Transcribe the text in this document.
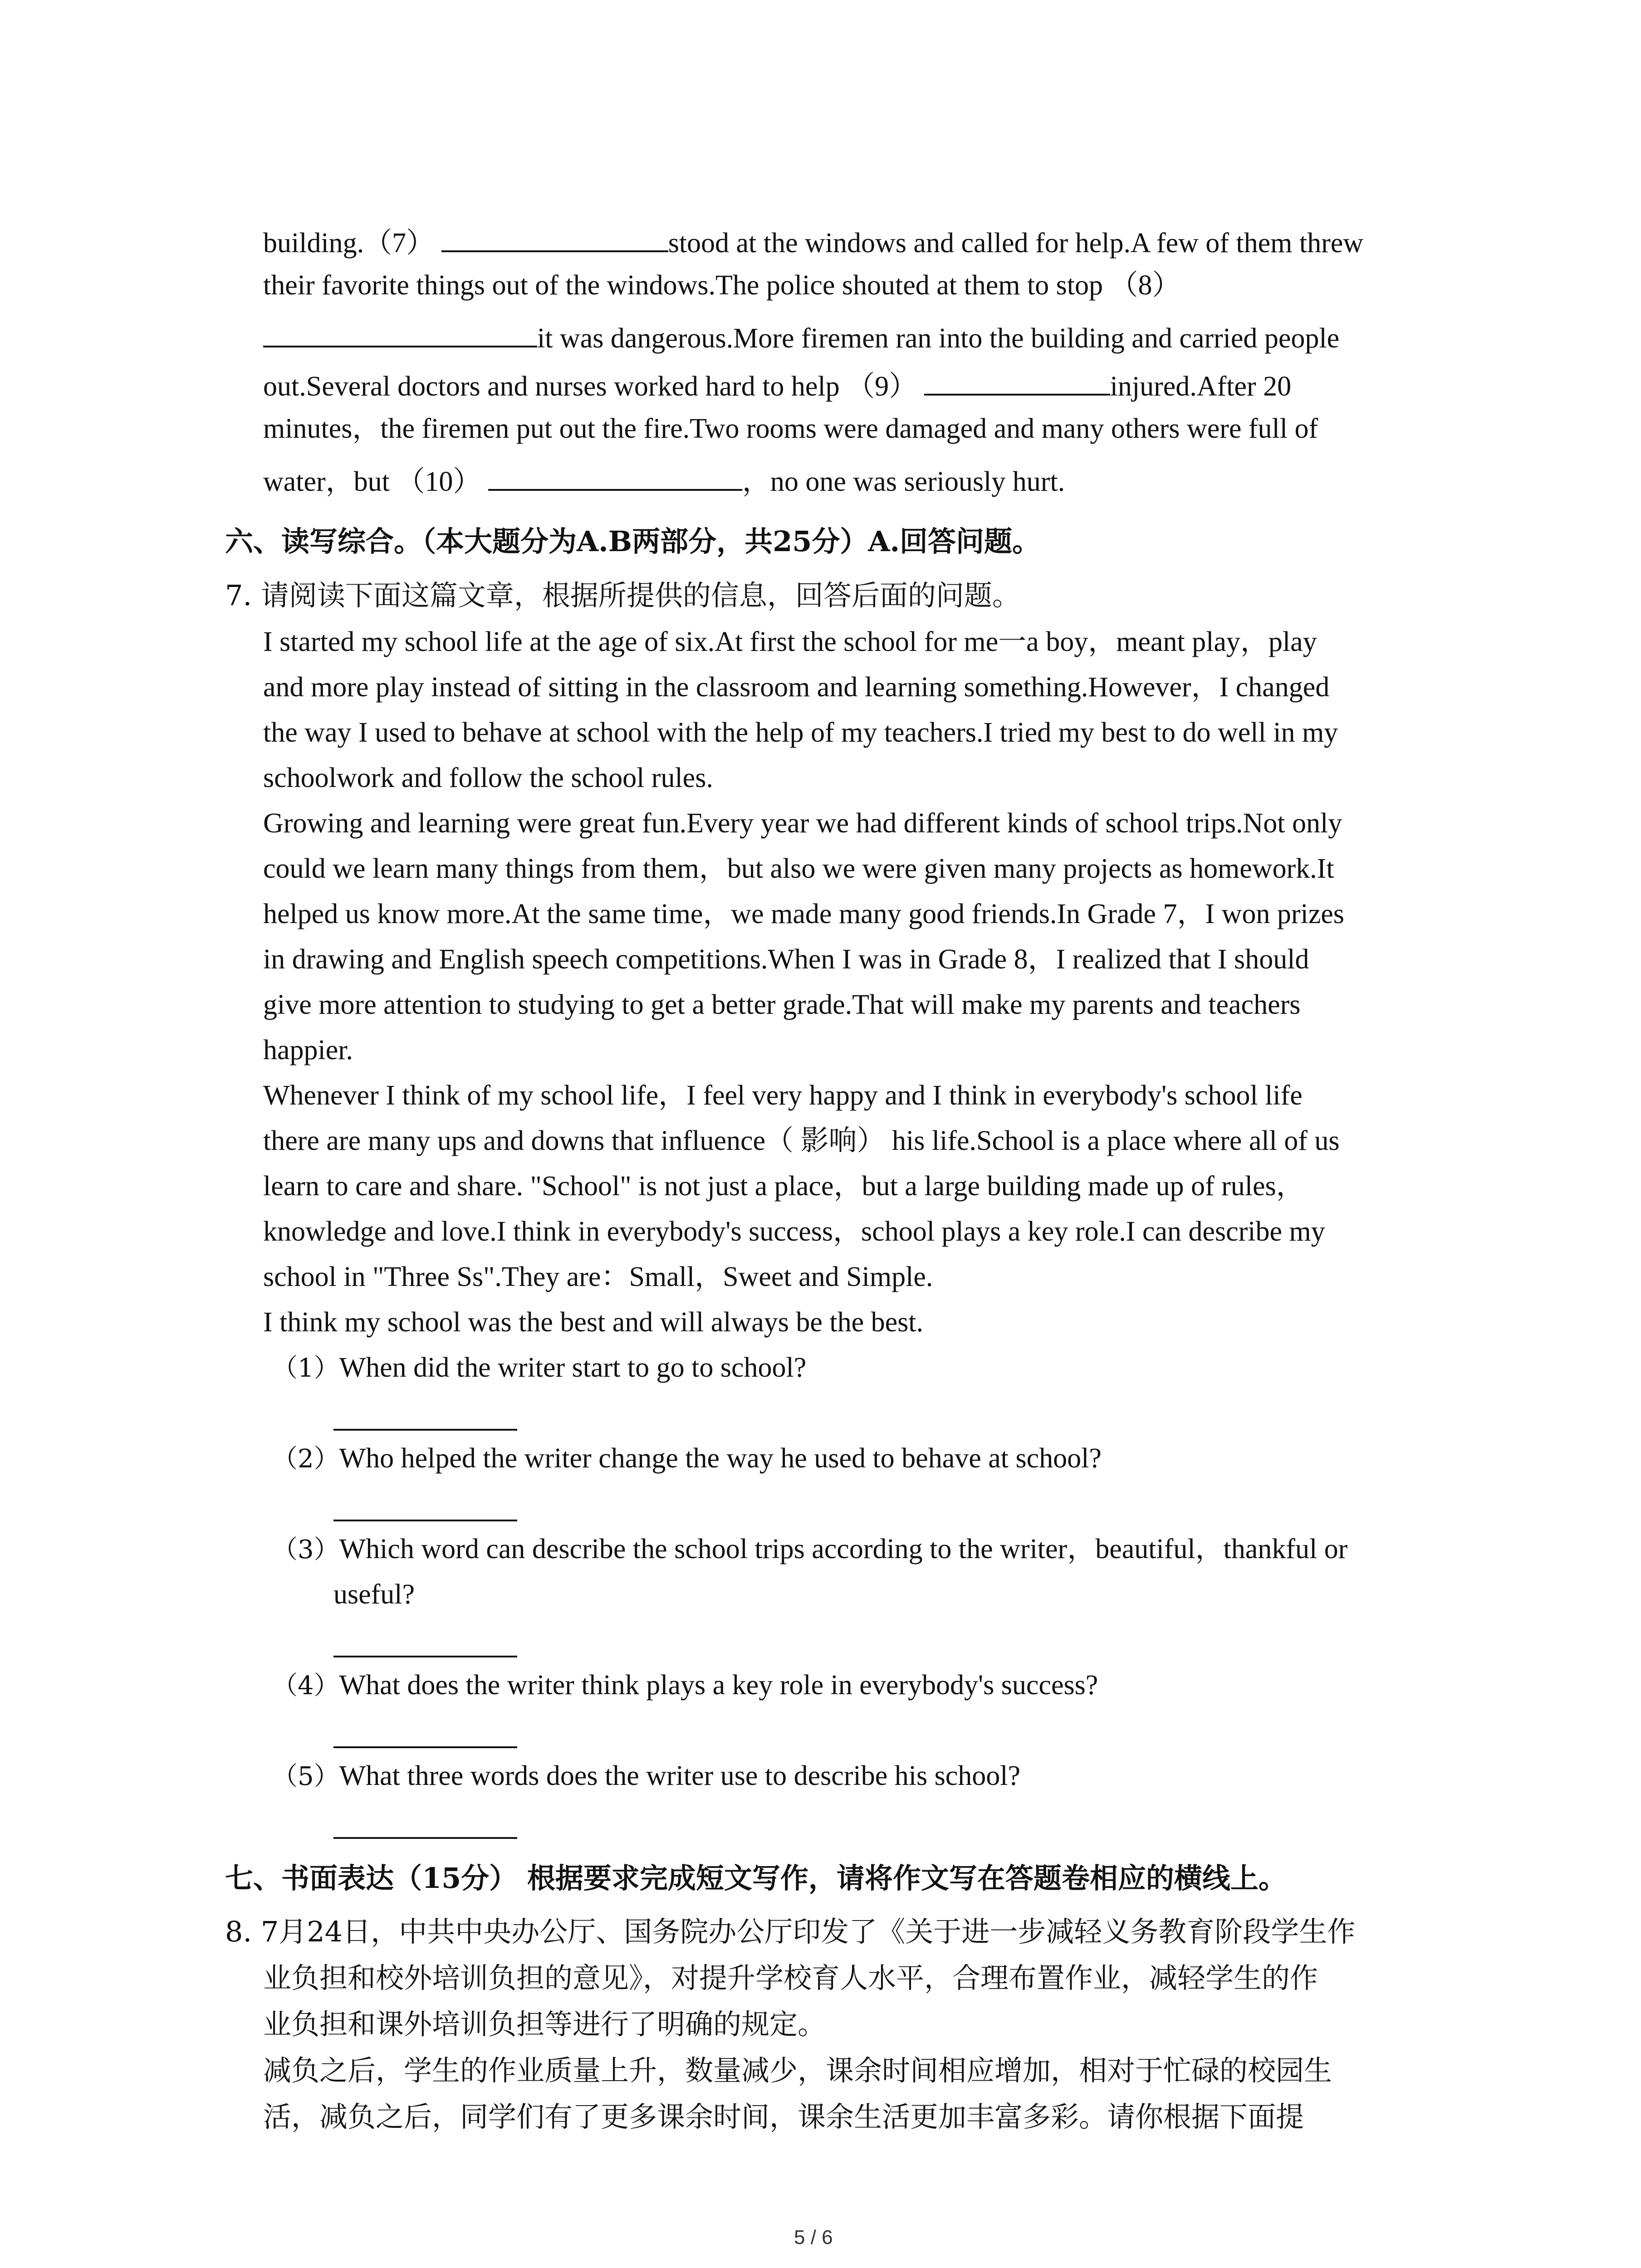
building.（7）	stood at the windows and called for help.A few of them threw
their favorite things out of the windows.The police shouted at them to stop （8）
it was dangerous.More firemen ran into the building and carried people
out.Several doctors and nurses worked hard to help （9）	injured.After 20
minutes，the firemen put out the fire.Two rooms were damaged and many others were full of
water，but （10）	，no one was seriously hurt.
六、读写综合。（本大题分为A.B两部分，共25分）A.回答问题。
7. 请阅读下面这篇文章，根据所提供的信息，回答后面的问题。
I started my school life at the age of six.At first the school for me一a boy，meant play，play
and more play instead of sitting in the classroom and learning something.However，I changed
the way I used to behave at school with the help of my teachers.I tried my best to do well in my
schoolwork and follow the school rules.
Growing and learning were great fun.Every year we had different kinds of school trips.Not only
could we learn many things from them，but also we were given many projects as homework.It
helped us know more.At the same time，we made many good friends.In Grade 7，I won prizes
in drawing and English speech competitions.When I was in Grade 8，I realized that I should
give more attention to studying to get a better grade.That will make my parents and teachers
happier.
Whenever I think of my school life，I feel very happy and I think in everybody's school life
there are many ups and downs that influence（ 影响） his life.School is a place where all of us
learn to care and share. "School" is not just a place，but a large building made up of rules，
knowledge and love.I think in everybody's success，school plays a key role.I can describe my
school in "Three Ss".They are：Small，Sweet and Simple.
I think my school was the best and will always be the best.
（1）When did the writer start to go to school?
（2）Who helped the writer change the way he used to behave at school?
（3）Which word can describe the school trips according to the writer，beautiful，thankful or
useful?
（4）What does the writer think plays a key role in everybody's success?
（5）What three words does the writer use to describe his school?
七、书面表达（15分） 根据要求完成短文写作，请将作文写在答题卷相应的横线上。
8. 7月24日，中共中央办公厅、国务院办公厅印发了《关于进一步减轻义务教育阶段学生作
业负担和校外培训负担的意见》，对提升学校育人水平，合理布置作业，减轻学生的作
业负担和课外培训负担等进行了明确的规定。
减负之后，学生的作业质量上升，数量减少，课余时间相应增加，相对于忙碌的校园生
活，减负之后，同学们有了更多课余时间，课余生活更加丰富多彩。请你根据下面提
5 / 6
